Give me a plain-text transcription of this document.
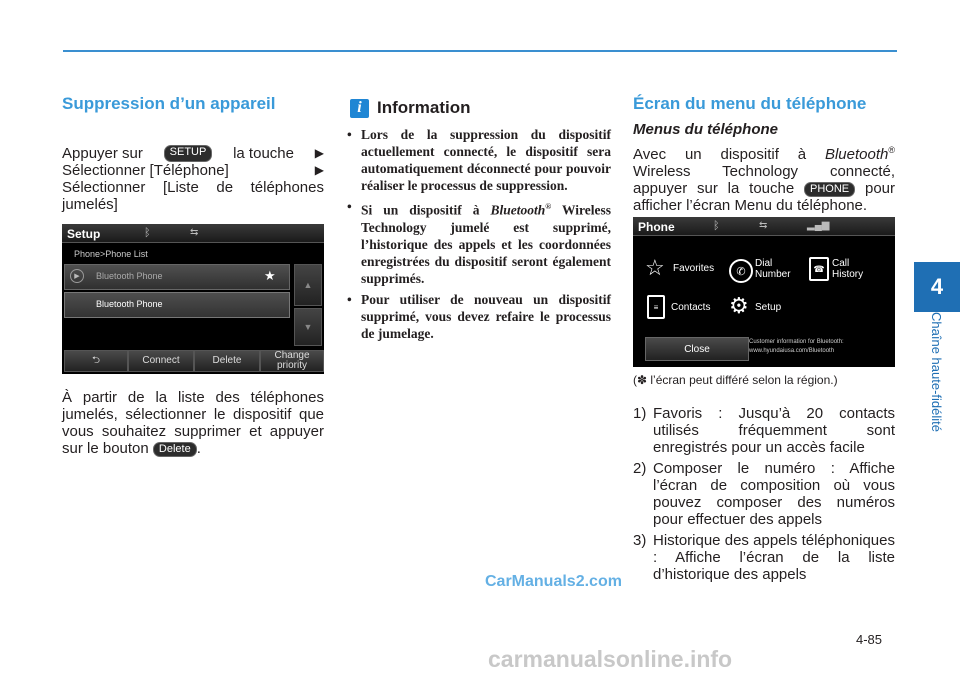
4
Chaîne haute-fidélité
Suppression d’un appareil
Appuyer sur	SETUP	la touche ▶
Sélectionner [Téléphone]	▶
Sélectionner [Liste de téléphones jumelés]
Setup	ᛒ	⇆
Phone>Phone List
▶	Bluetooth Phone	★
Bluetooth Phone
▲
▼
⮌	Connect	Delete	Change
priority
À partir de la liste des téléphones jumelés, sélectionner le dispositif que vous souhaitez supprimer et appuyer sur le bouton Delete .
i Information
• Lors de la suppression du dispositif actuellement connecté, le dispositif sera automatiquement déconnecté pour pouvoir réaliser le processus de suppression.
• Si un dispositif à Bluetooth® Wireless Technology jumelé est supprimé, l’historique des appels et les coordonnées enregistrées du dispositif seront également supprimés.
• Pour utiliser de nouveau un dispositif supprimé, vous devez refaire le processus de jumelage.
Écran du menu du téléphone
Menus du téléphone
Avec un dispositif à Bluetooth® Wireless Technology connecté, appuyer sur la touche PHONE pour afficher l’écran Menu du téléphone.
Phone	ᛒ	⇆	▂▄▆
☆ Favorites	✆
Dial
Number
☎ Call
History
≡	Contacts ⚙ Setup
Close
Customer information for Bluetooth:
www.hyundaiusa.com/Bluetooth
(✽ l’écran peut différé selon la région.)
1) Favoris : Jusqu’à 20 contacts utilisés fréquemment sont enregistrés pour un accès facile
2) Composer le numéro : Affiche l’écran de composition où vous pouvez composer des numéros pour effectuer des appels
3) Historique des appels téléphoniques : Affiche l’écran de la liste d’historique des appels
4-85
CarManuals2.com
carmanualsonline.info
